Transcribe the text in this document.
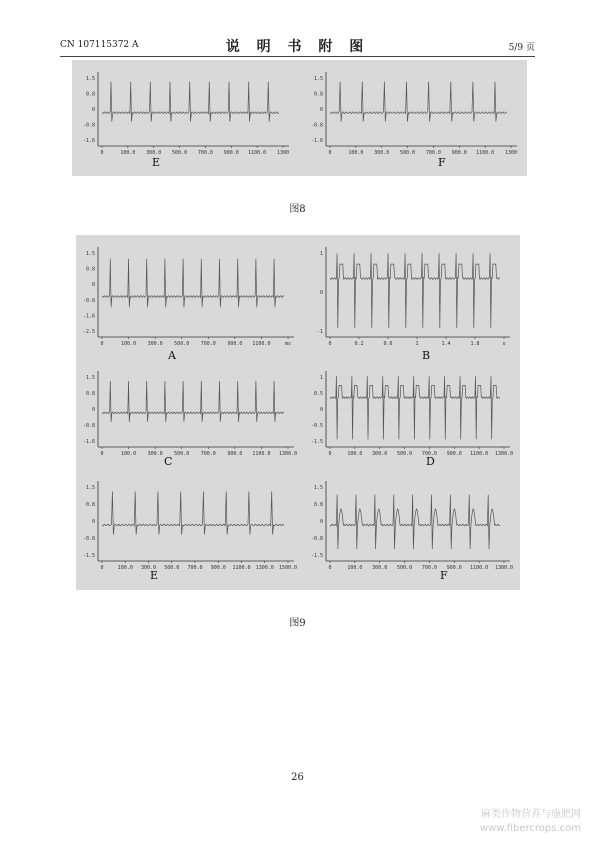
CN 107115372 A	说 明 书 附 图	5/9 页
1.5
0.8
0
-0.8
-1.6
0	100.0 300.0 500.0 700.0 900.0 1100.0 1300
E
1.5
0.8
0
-0.8
-1.6
0	100.0 300.0 500.0 700.0 900.0 1100.0 1300
F
图8
1.5
0.8
0
-0.8
-1.6
-2.5
0	100.0 300.0 500.0 700.0 900.0 1100.0	ms
A
1
0
-1
0	0.2	0.6	1	1.4	1.8	s
B
1.5
0.8
0
-0.8
-1.6
0	100.0 300.0 500.0 700.0 900.0 1100.0 1300.0
C
1
0.5
0
-0.5
-1.5
0	100.0 300.0 500.0 700.0 900.0 1100.0 1300.0
D
1.5
0.8
0
-0.8
-1.5
0	100.0 300.0 500.0 700.0 900.0 1100.0 1300.0 1500.0
E
1.5
0.8
0
-0.8
-1.5
0	100.0 300.0 500.0 700.0 900.0 1100.0 1300.0
F
图9
26
麻类作物营养与施肥网
www.fibercrops.com
